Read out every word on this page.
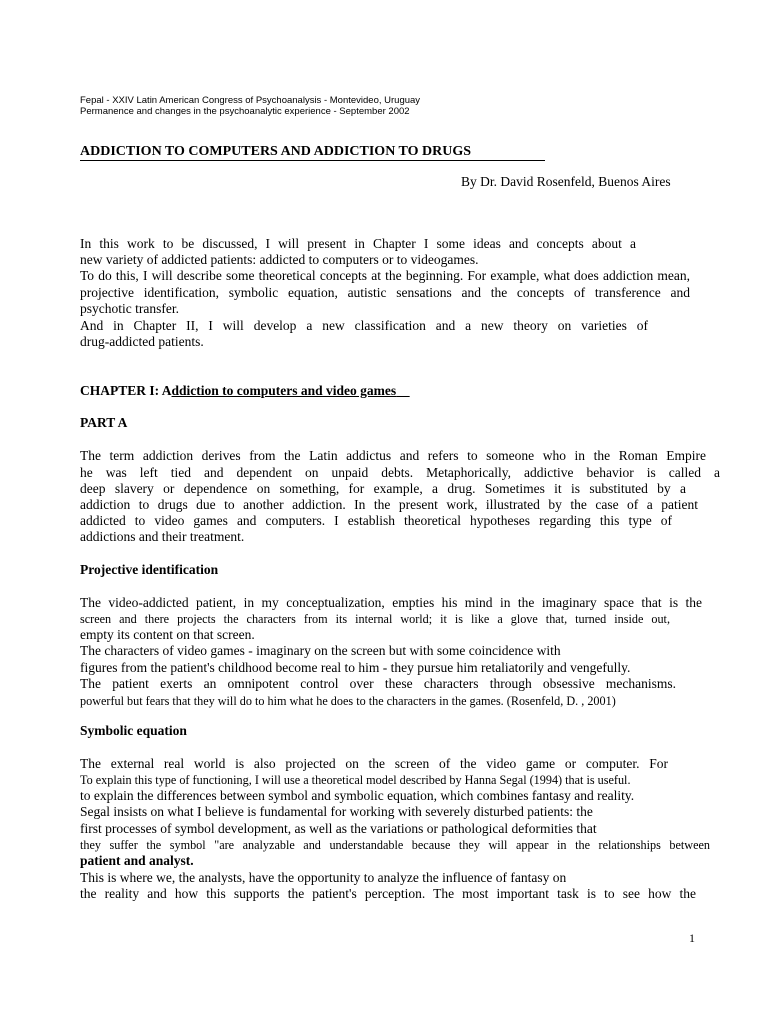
Fepal - XXIV Latin American Congress of Psychoanalysis - Montevideo, Uruguay
Permanence and changes in the psychoanalytic experience - September 2002
ADDICTION TO COMPUTERS AND ADDICTION TO DRUGS
By Dr. David Rosenfeld, Buenos Aires
In this work to be discussed, I will present in Chapter I some ideas and concepts about a
new variety of addicted patients: addicted to computers or to videogames.
To do this, I will describe some theoretical concepts at the beginning. For example, what does addiction mean,
projective identification, symbolic equation, autistic sensations and the concepts of transference and
psychotic transfer.
And in Chapter II, I will develop a new classification and a new theory on varieties of
drug-addicted patients.
CHAPTER I: Addiction to computers and video games
PART A
The term addiction derives from the Latin addictus and refers to someone who in the Roman Empire
he was left tied and dependent on unpaid debts. Metaphorically, addictive behavior is called a
deep slavery or dependence on something, for example, a drug. Sometimes it is substituted by a
addiction to drugs due to another addiction. In the present work, illustrated by the case of a patient
addicted to video games and computers. I establish theoretical hypotheses regarding this type of
addictions and their treatment.
Projective identification
The video-addicted patient, in my conceptualization, empties his mind in the imaginary space that is the
screen and there projects the characters from its internal world; it is like a glove that, turned inside out,
empty its content on that screen.
The characters of video games - imaginary on the screen but with some coincidence with
figures from the patient's childhood become real to him - they pursue him retaliatorily and vengefully.
The patient exerts an omnipotent control over these characters through obsessive mechanisms.
powerful but fears that they will do to him what he does to the characters in the games. (Rosenfeld, D. , 2001)
Symbolic equation
The external real world is also projected on the screen of the video game or computer. For
To explain this type of functioning, I will use a theoretical model described by Hanna Segal (1994) that is useful.
to explain the differences between symbol and symbolic equation, which combines fantasy and reality.
Segal insists on what I believe is fundamental for working with severely disturbed patients: the
first processes of symbol development, as well as the variations or pathological deformities that
they suffer the symbol "are analyzable and understandable because they will appear in the relationships between
patient and analyst.
This is where we, the analysts, have the opportunity to analyze the influence of fantasy on
the reality and how this supports the patient's perception. The most important task is to see how the
1
